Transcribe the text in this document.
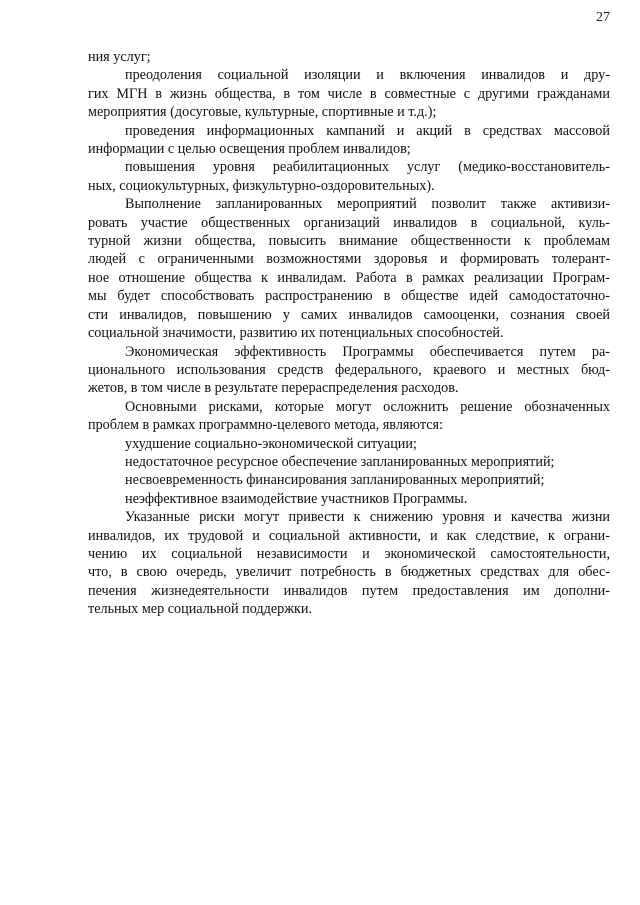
27
ния услуг;
преодоления социальной изоляции и включения инвалидов и дру-
гих МГН в жизнь общества, в том числе в совместные с другими гражданами
мероприятия (досуговые, культурные, спортивные и т.д.);
проведения информационных кампаний и акций в средствах массовой
информации с целью освещения проблем инвалидов;
повышения уровня реабилитационных услуг (медико-восстановитель-
ных, социокультурных, физкультурно-оздоровительных).
Выполнение запланированных мероприятий позволит также активизи-
ровать участие общественных организаций инвалидов в социальной, куль-
турной жизни общества, повысить внимание общественности к проблемам
людей с ограниченными возможностями здоровья и формировать толерант-
ное отношение общества к инвалидам. Работа в рамках реализации Програм-
мы будет способствовать распространению в обществе идей самодостаточно-
сти инвалидов, повышению у самих инвалидов самооценки, сознания своей
социальной значимости, развитию их потенциальных способностей.
Экономическая эффективность Программы обеспечивается путем ра-
ционального использования средств федерального, краевого и местных бюд-
жетов, в том числе в результате перераспределения расходов.
Основными рисками, которые могут осложнить решение обозначенных
проблем в рамках программно-целевого метода, являются:
ухудшение социально-экономической ситуации;
недостаточное ресурсное обеспечение запланированных мероприятий;
несвоевременность финансирования запланированных мероприятий;
неэффективное взаимодействие участников Программы.
Указанные риски могут привести к снижению уровня и качества жизни
инвалидов, их трудовой и социальной активности, и как следствие, к ограни-
чению их социальной независимости и экономической самостоятельности,
что, в свою очередь, увеличит потребность в бюджетных средствах для обес-
печения жизнедеятельности инвалидов путем предоставления им дополни-
тельных мер социальной поддержки.
